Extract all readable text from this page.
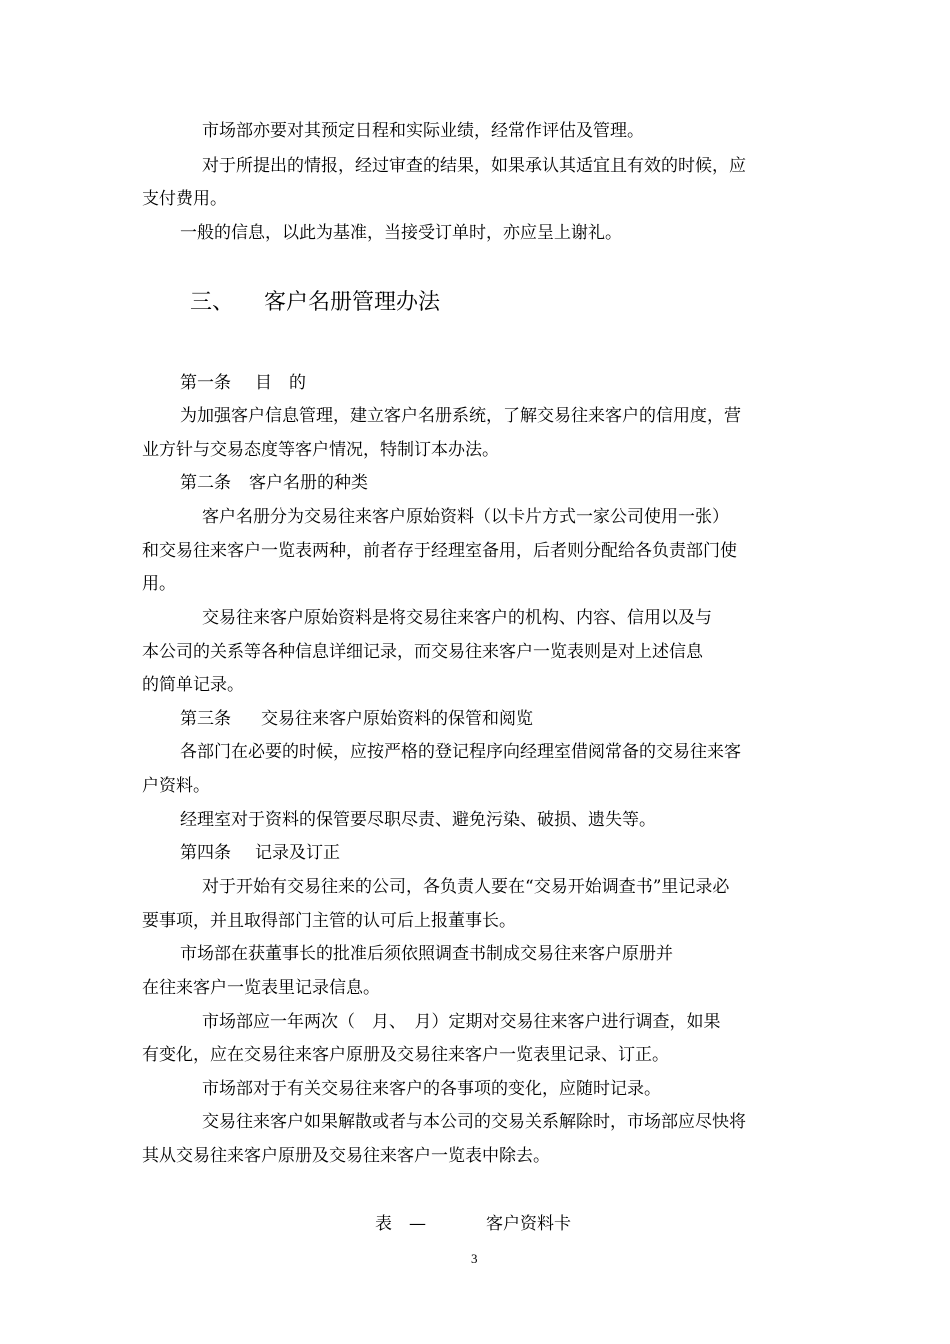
市场部亦要对其预定日程和实际业绩，经常作评估及管理。
对于所提出的情报，经过审查的结果，如果承认其适宜且有效的时候，应
支付费用。
一般的信息，以此为基准，当接受订单时，亦应呈上谢礼。
三、 客户名册管理办法
第一条 目　的
为加强客户信息管理，建立客户名册系统，了解交易往来客户的信用度，营
业方针与交易态度等客户情况，特制订本办法。
第二条 客户名册的种类
客户名册分为交易往来客户原始资料（以卡片方式一家公司使用一张）
和交易往来客户一览表两种，前者存于经理室备用，后者则分配给各负责部门使
用。
交易往来客户原始资料是将交易往来客户的机构、内容、信用以及与
本公司的关系等各种信息详细记录，而交易往来客户一览表则是对上述信息
的简单记录。
第三条 交易往来客户原始资料的保管和阅览
各部门在必要的时候，应按严格的登记程序向经理室借阅常备的交易往来客
户资料。
经理室对于资料的保管要尽职尽责、避免污染、破损、遗失等。
第四条 记录及订正
对于开始有交易往来的公司，各负责人要在“交易开始调查书”里记录必
要事项，并且取得部门主管的认可后上报董事长。
市场部在获董事长的批准后须依照调查书制成交易往来客户原册并
在往来客户一览表里记录信息。
市场部应一年两次（　月、　月）定期对交易往来客户进行调查，如果
有变化，应在交易往来客户原册及交易往来客户一览表里记录、订正。
市场部对于有关交易往来客户的各事项的变化，应随时记录。
交易往来客户如果解散或者与本公司的交易关系解除时，市场部应尽快将
其从交易往来客户原册及交易往来客户一览表中除去。
表　—	客户资料卡
3
